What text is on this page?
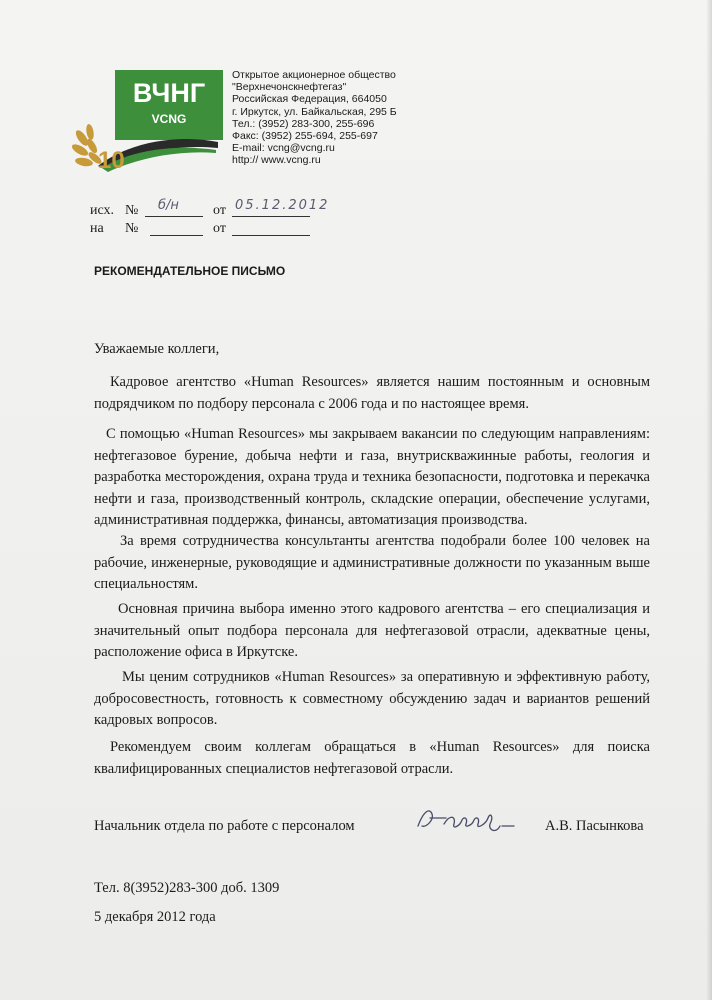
ВЧНГ
VCNG
10
Открытое акционерное общество
"Верхнечонскнефтегаз"
Российская Федерация, 664050
г. Иркутск, ул. Байкальская, 295 Б
Тел.: (3952) 283-300, 255-696
Факс: (3952) 255-694, 255-697
E-mail: vcng@vcng.ru
http:// www.vcng.ru
исх. № б/н от 05.12.2012
на №	от
РЕКОМЕНДАТЕЛЬНОЕ ПИСЬМО
Уважаемые коллеги,
Кадровое агентство «Human Resources» является нашим постоянным и основным подрядчиком по подбору персонала с 2006 года и по настоящее время.
С помощью «Human Resources» мы закрываем вакансии по следующим направлениям: нефтегазовое бурение, добыча нефти и газа, внутрискважинные работы, геология и разработка месторождения, охрана труда и техника безопасности, подготовка и перекачка нефти и газа, производственный контроль, складские операции, обеспечение услугами, административная поддержка, финансы, автоматизация производства.
За время сотрудничества консультанты агентства подобрали более 100 человек на рабочие, инженерные, руководящие и административные должности по указанным выше специальностям.
Основная причина выбора именно этого кадрового агентства – его специализация и значительный опыт подбора персонала для нефтегазовой отрасли, адекватные цены, расположение офиса в Иркутске.
Мы ценим сотрудников «Human Resources» за оперативную и эффективную работу, добросовестность, готовность к совместному обсуждению задач и вариантов решений кадровых вопросов.
Рекомендуем своим коллегам обращаться в «Human Resources» для поиска квалифицированных специалистов нефтегазовой отрасли.
Начальник отдела по работе с персоналом	А.В. Пасынкова
Тел. 8(3952)283-300 доб. 1309
5 декабря 2012 года
